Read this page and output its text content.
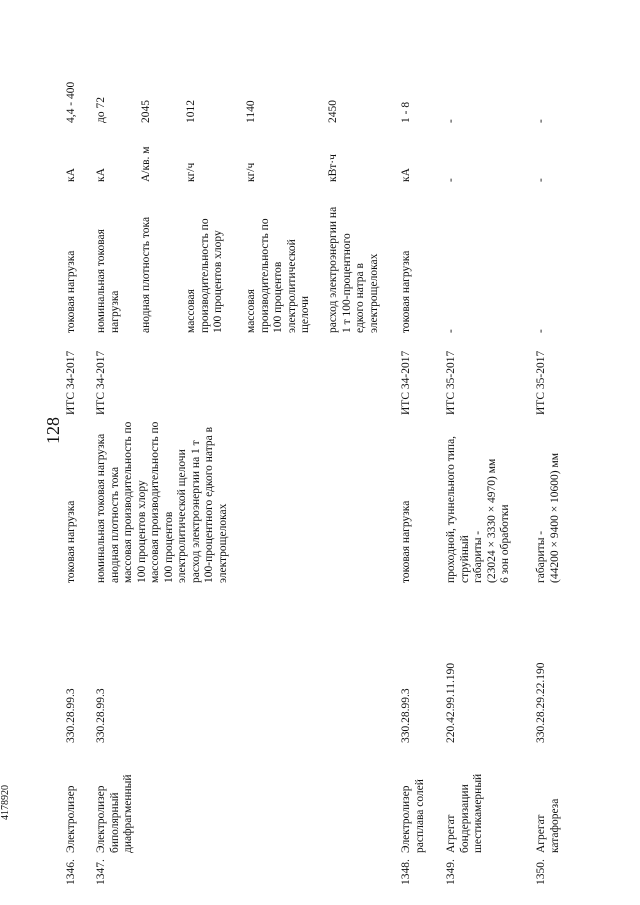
128
4178920
1346.
Электролизер
330.28.99.3
токовая нагрузка
ИТС 34-2017
токовая нагрузка
кА
4,4 - 400
1347.
Электролизер биполярный диафрагменный
330.28.99.3
номинальная токовая нагрузка
анодная плотность тока
массовая производительность по 100 процентов хлору
массовая производительность по 100 процентов электролитической щелочи
расход электроэнергии на 1 т 100-процентного едкого натра в электрощелоках
ИТС 34-2017
номинальная токовая нагрузка
кА
до 72
анодная плотность тока
А/кв. м
2045
массовая производительность по 100 процентов хлору
кг/ч
1012
массовая производительность по 100 процентов электролитической щелочи
кг/ч
1140
расход электроэнергии на 1 т 100-процентного едкого натра в электрощелоках
кВт·ч
2450
1348.
Электролизер расплава солей
330.28.99.3
токовая нагрузка
ИТС 34-2017
токовая нагрузка
кА
1 - 8
1349.
Агрегат бондеризации шестикамерный
220.42.99.11.190
проходной, туннельного типа, струйный
габариты -
(23024 × 3330 × 4970) мм
6 зон обработки
ИТС 35-2017
-
-
-
1350.
Агрегат катафореза
330.28.29.22.190
габариты -
(44200 × 9400 × 10600) мм
ИТС 35-2017
-
-
-
